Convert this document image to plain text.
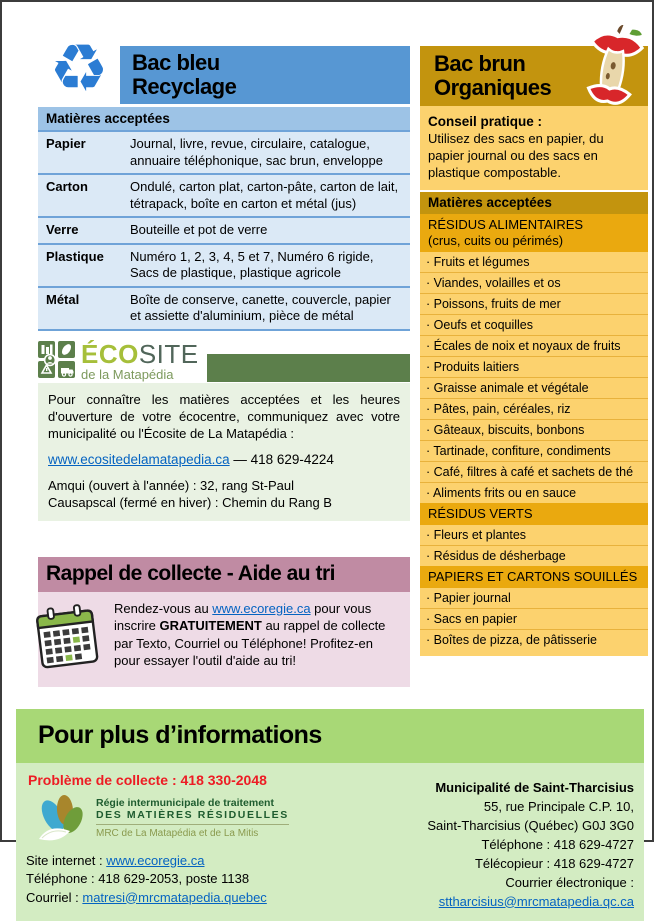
♻	Bac bleu
Recyclage
Matières acceptées
Papier	Journal, livre, revue, circulaire, catalogue, annuaire téléphonique, sac brun, enveloppe
Carton	Ondulé, carton plat, carton-pâte, carton de lait, tétrapack, boîte en carton et métal (jus)
Verre	Bouteille et pot de verre
Plastique	Numéro 1, 2, 3, 4, 5 et 7, Numéro 6 rigide, Sacs de plastique, plastique agricole
Métal	Boîte de conserve, canette, couvercle, papier et assiette d'aluminium, pièce de métal
ÉCOSITE
de la Matapédia

Pour connaître les matières acceptées et les heures d'ouverture de votre écocentre, communiquez avec votre municipalité ou l'Écosite de La Matapédia :

www.ecositedelamatapedia.ca — 418 629-4224

Amqui (ouvert à l'année) : 32, rang St-Paul

Causapscal (fermé en hiver) : Chemin du Rang B

Rappel de collecte - Aide au tri

Rendez-vous au www.ecoregie.ca pour vous inscrire GRATUITEMENT au rappel de collecte par Texto, Courriel ou Téléphone! Profitez-en pour essayer l'outil d'aide au tri!

Bac brun
Organiques
Conseil pratique :
Utilisez des sacs en papier, du papier journal ou des sacs en plastique compostable.
Matières acceptées
RÉSIDUS ALIMENTAIRES
(crus, cuits ou périmés)
· Fruits et légumes
· Viandes, volailles et os
· Poissons, fruits de mer
· Oeufs et coquilles
· Écales de noix et noyaux de fruits
· Produits laitiers
· Graisse animale et végétale
· Pâtes, pain, céréales, riz
· Gâteaux, biscuits, bonbons
· Tartinade, confiture, condiments
· Café, filtres à café et sachets de thé
· Aliments frits ou en sauce
RÉSIDUS VERTS
· Fleurs et plantes
· Résidus de désherbage
PAPIERS ET CARTONS SOUILLÉS
· Papier journal
· Sacs en papier
· Boîtes de pizza, de pâtisserie
Pour plus d’informations
Problème de collecte : 418 330-2048
Régie intermunicipale de traitement
DES MATIÈRES RÉSIDUELLES
MRC de La Matapédia et de La Mitis
Site internet : www.ecoregie.ca
Téléphone : 418 629-2053, poste 1138
Courriel : matresi@mrcmatapedia.quebec
Municipalité de Saint-Tharcisius
55, rue Principale C.P. 10,
Saint-Tharcisius (Québec) G0J 3G0
Téléphone : 418 629-4727
Télécopieur : 418 629-4727
Courrier électronique : sttharcisius@mrcmatapedia.qc.ca
